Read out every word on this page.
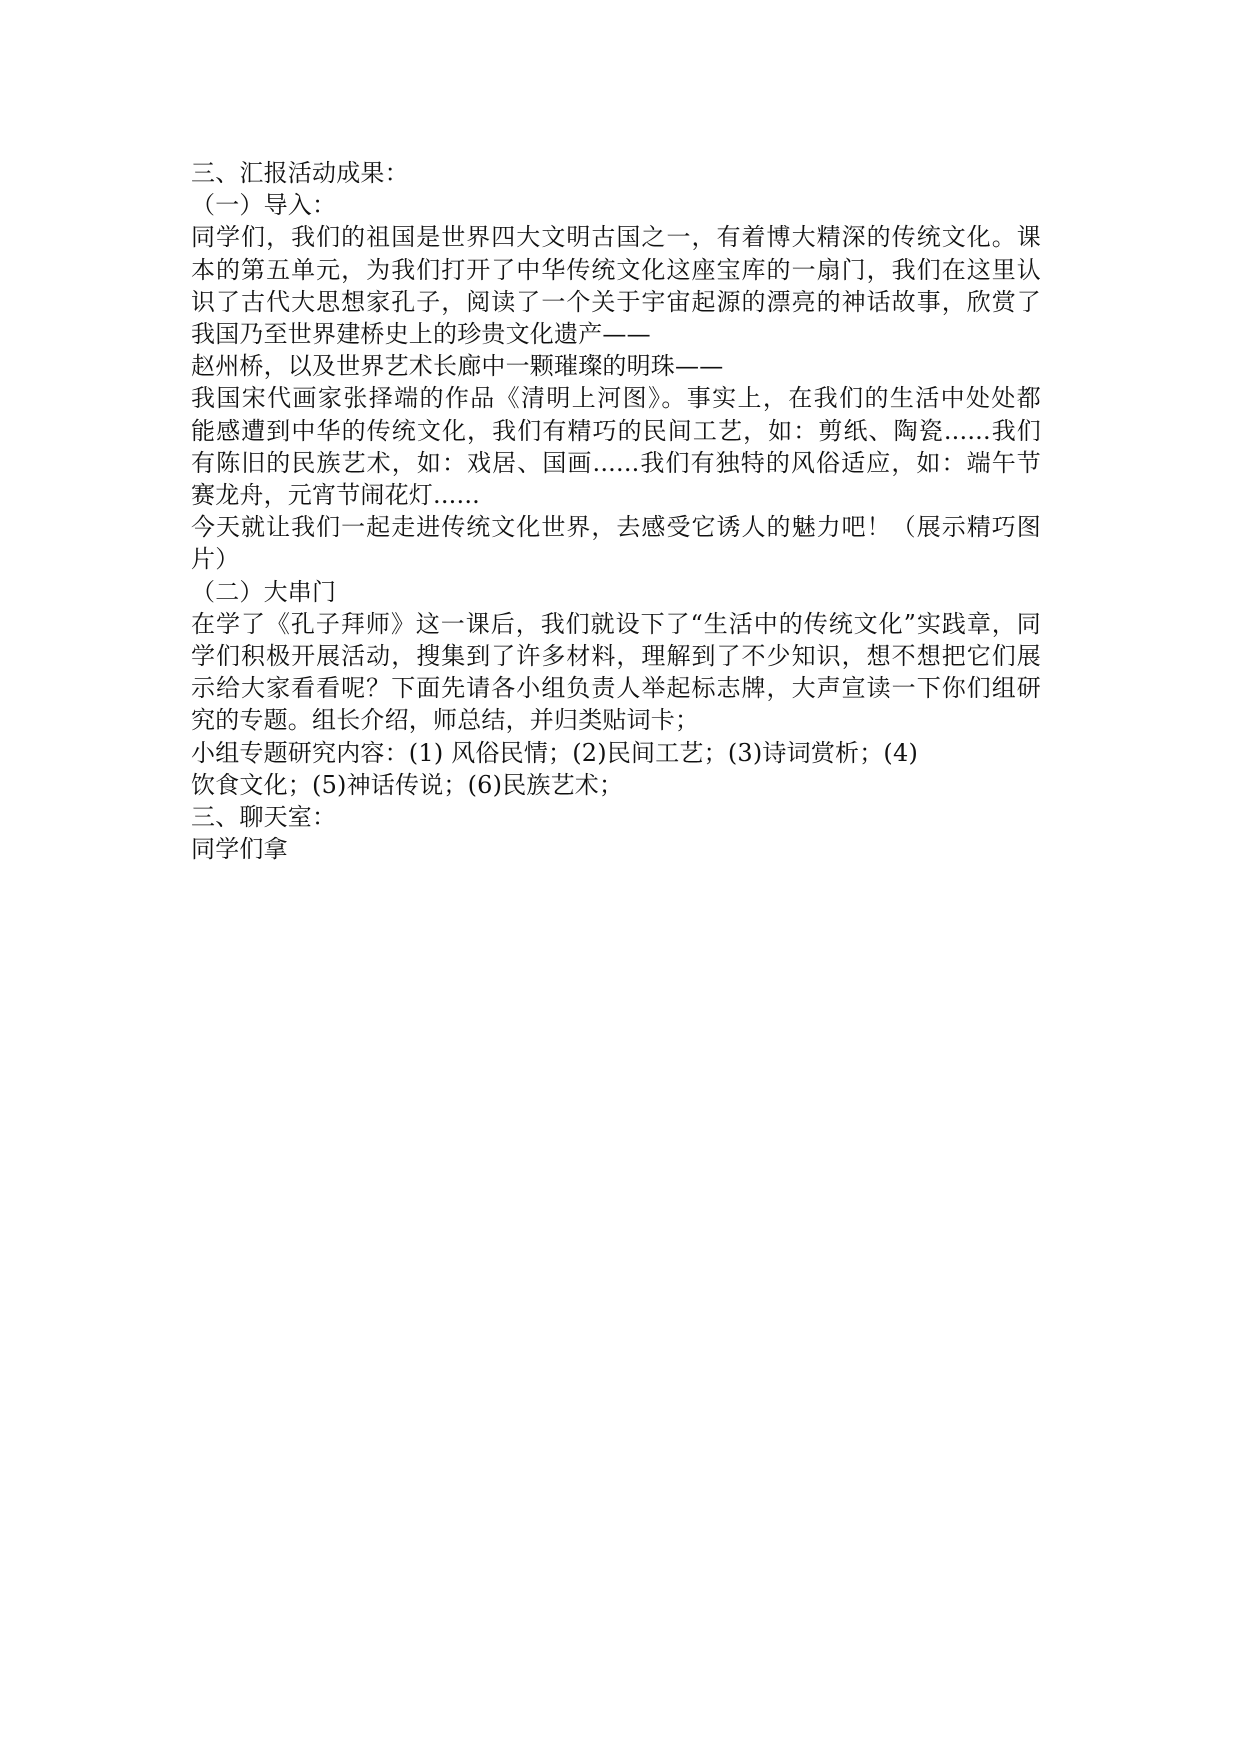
三、汇报活动成果：

（一）导入：

同学们，我们的祖国是世界四大文明古国之一，有着博大精深的传统文化。课

本的第五单元，为我们打开了中华传统文化这座宝库的一扇门，我们在这里认

识了古代大思想家孔子，阅读了一个关于宇宙起源的漂亮的神话故事，欣赏了

我国乃至世界建桥史上的珍贵文化遗产——

赵州桥，以及世界艺术长廊中一颗璀璨的明珠——

我国宋代画家张择端的作品《清明上河图》。事实上，在我们的生活中处处都

能感遭到中华的传统文化，我们有精巧的民间工艺，如：剪纸、陶瓷......我们

有陈旧的民族艺术，如：戏居、国画......我们有独特的风俗适应，如：端午节

赛龙舟，元宵节闹花灯......

今天就让我们一起走进传统文化世界，去感受它诱人的魅力吧！（展示精巧图

片）

（二）大串门

在学了《孔子拜师》这一课后，我们就设下了“生活中的传统文化”实践章，同

学们积极开展活动，搜集到了许多材料，理解到了不少知识，想不想把它们展

示给大家看看呢？下面先请各小组负责人举起标志牌，大声宣读一下你们组研

究的专题。组长介绍，师总结，并归类贴词卡；

小组专题研究内容：(1) 风俗民情；(2)民间工艺；(3)诗词赏析；(4)

饮食文化；(5)神话传说；(6)民族艺术；

三、聊天室：

同学们拿
